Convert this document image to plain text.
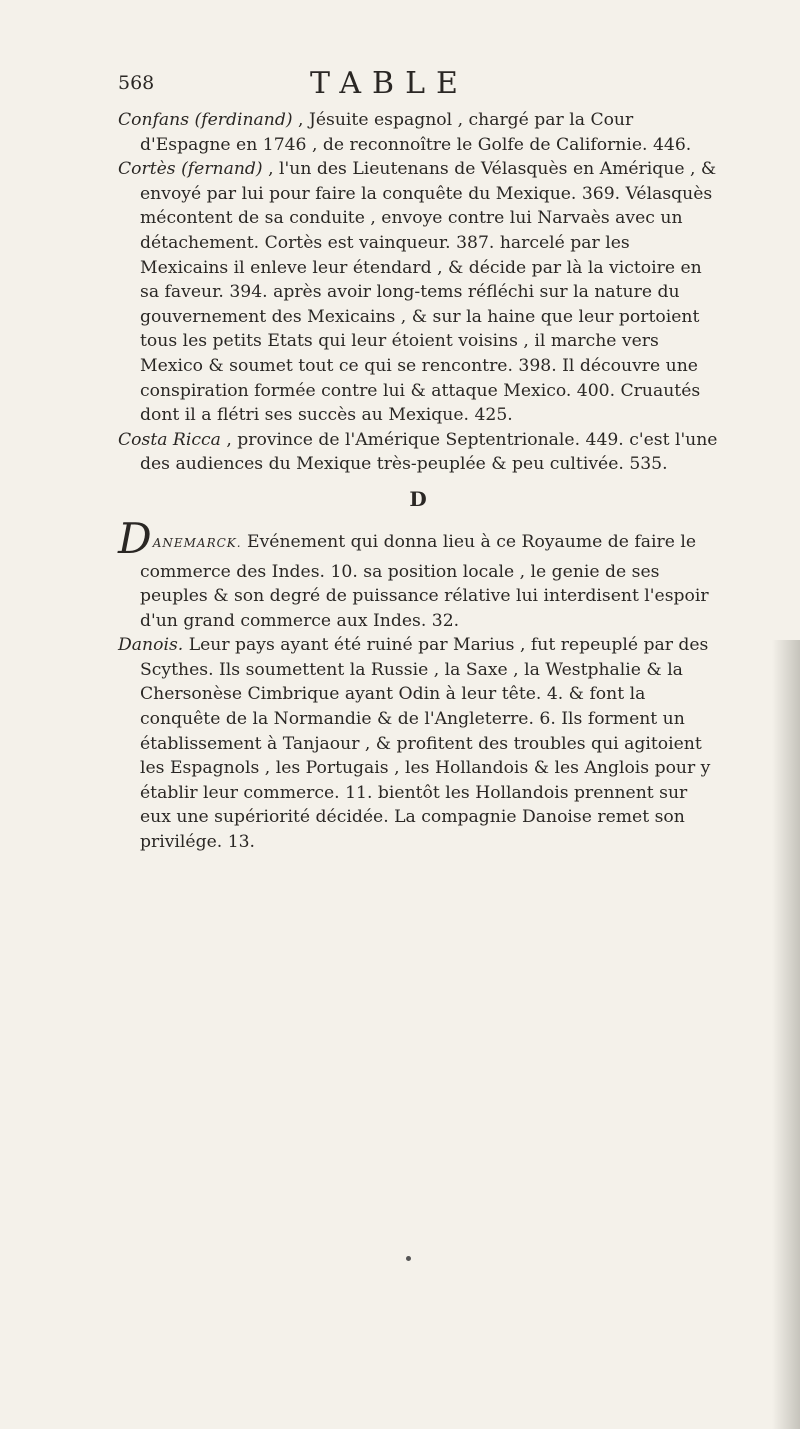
568	TABLE

Confans (ferdinand) , Jésuite espagnol , chargé par la Cour d'Espagne en 1746 , de reconnoître le Golfe de Californie. 446.

Cortès (fernand) , l'un des Lieutenans de Vélasquès en Amérique , & envoyé par lui pour faire la conquête du Mexique. 369. Vélasquès mécontent de sa conduite , envoye contre lui Narvaès avec un détachement. Cortès est vainqueur. 387. harcelé par les Mexicains il enleve leur étendard , & décide par là la victoire en sa faveur. 394. après avoir long-tems réfléchi sur la nature du gouvernement des Mexicains , & sur la haine que leur portoient tous les petits Etats qui leur étoient voisins , il marche vers Mexico & soumet tout ce qui se rencontre. 398. Il découvre une conspiration formée contre lui & attaque Mexico. 400. Cruautés dont il a flétri ses succès au Mexique. 425.

Costa Ricca , province de l'Amérique Septentrionale. 449. c'est l'une des audiences du Mexique très-peuplée & peu cultivée. 535.

D

DANEMARCK. Evénement qui donna lieu à ce Royaume de faire le commerce des Indes. 10. sa position locale , le genie de ses peuples & son degré de puissance rélative lui interdisent l'espoir d'un grand commerce aux Indes. 32.

Danois. Leur pays ayant été ruiné par Marius , fut repeuplé par des Scythes. Ils soumettent la Russie , la Saxe , la Westphalie & la Chersonèse Cimbrique ayant Odin à leur tête. 4. & font la conquête de la Normandie & de l'Angleterre. 6. Ils forment un établissement à Tanjaour , & profitent des troubles qui agitoient les Espagnols , les Portugais , les Hollandois & les Anglois pour y établir leur commerce. 11. bientôt les Hollandois prennent sur eux une supériorité décidée. La compagnie Danoise remet son privilége. 13.
